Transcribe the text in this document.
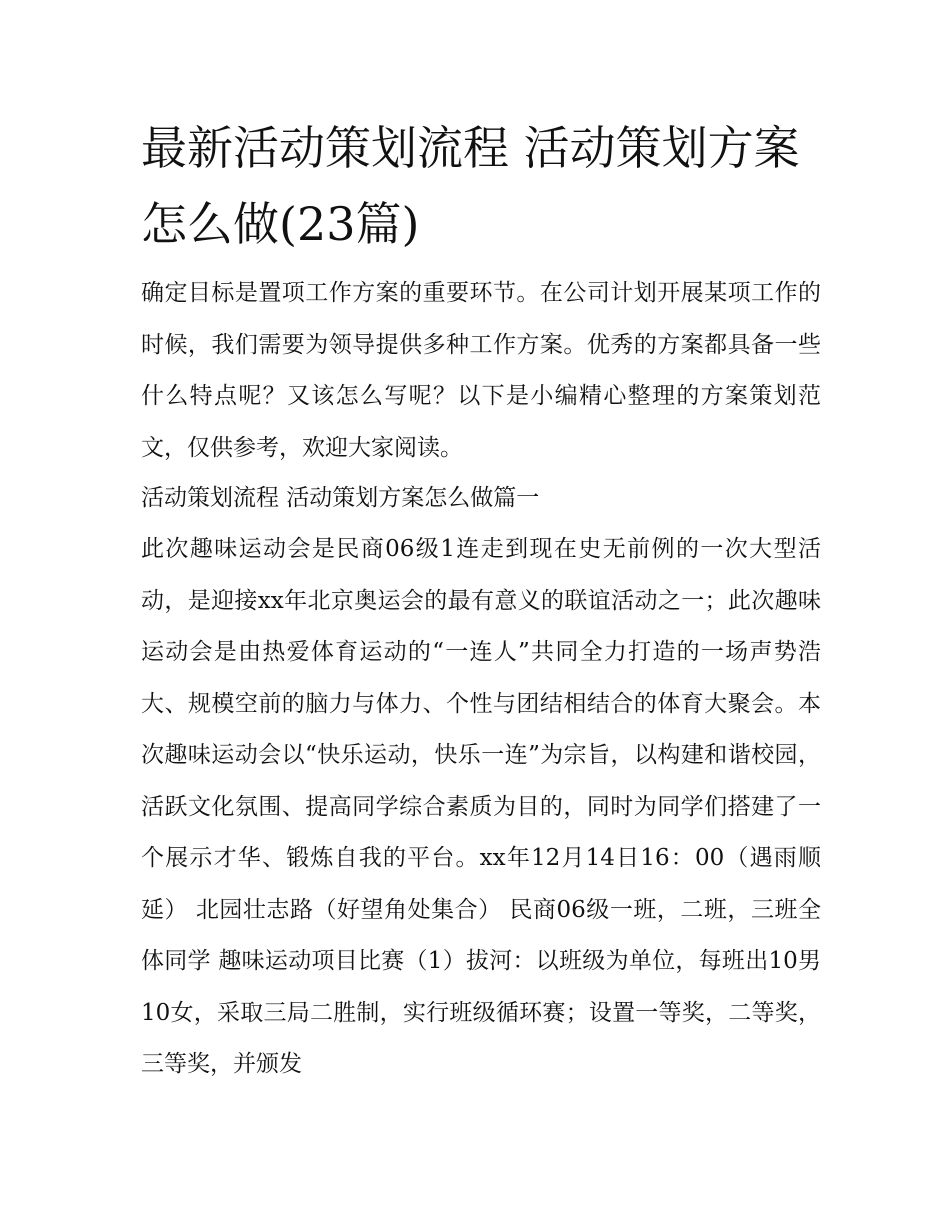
最新活动策划流程 活动策划方案怎么做(23篇)

确定目标是置项工作方案的重要环节。在公司计划开展某项工作的时候，我们需要为领导提供多种工作方案。优秀的方案都具备一些什么特点呢？又该怎么写呢？以下是小编精心整理的方案策划范文，仅供参考，欢迎大家阅读。

活动策划流程 活动策划方案怎么做篇一

此次趣味运动会是民商06级1连走到现在史无前例的一次大型活动，是迎接xx年北京奥运会的最有意义的联谊活动之一；此次趣味运动会是由热爱体育运动的“一连人”共同全力打造的一场声势浩大、规模空前的脑力与体力、个性与团结相结合的体育大聚会。本次趣味运动会以“快乐运动，快乐一连”为宗旨，以构建和谐校园，活跃文化氛围、提高同学综合素质为目的，同时为同学们搭建了一个展示才华、锻炼自我的平台。xx年12月14日16：00（遇雨顺延） 北园壮志路（好望角处集合） 民商06级一班，二班，三班全体同学 趣味运动项目比赛（1）拔河：以班级为单位，每班出10男10女，采取三局二胜制，实行班级循环赛；设置一等奖，二等奖，三等奖，并颁发
